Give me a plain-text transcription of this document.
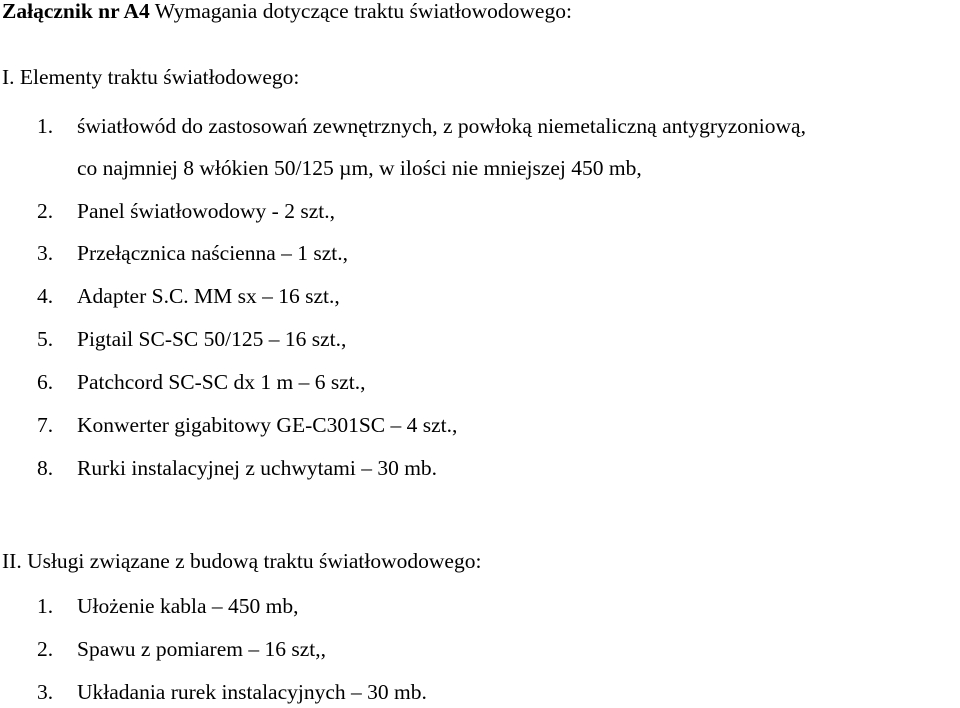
Załącznik nr A4 Wymagania dotyczące traktu światłowodowego:
I. Elementy traktu światłodowego:
1. światłowód do zastosowań zewnętrznych, z powłoką niemetaliczną antygryzoniową,
co najmniej 8 włókien 50/125 µm, w ilości nie mniejszej 450 mb,
2. Panel światłowodowy - 2 szt.,
3. Przełącznica naścienna – 1 szt.,
4. Adapter S.C. MM sx – 16 szt.,
5. Pigtail SC-SC 50/125 – 16 szt.,
6. Patchcord SC-SC dx 1 m – 6 szt.,
7. Konwerter gigabitowy GE-C301SC – 4 szt.,
8. Rurki instalacyjnej z uchwytami – 30 mb.
II. Usługi związane z budową traktu światłowodowego:
1. Ułożenie kabla – 450 mb,
2. Spawu z pomiarem – 16 szt,,
3. Układania rurek instalacyjnych – 30 mb.
